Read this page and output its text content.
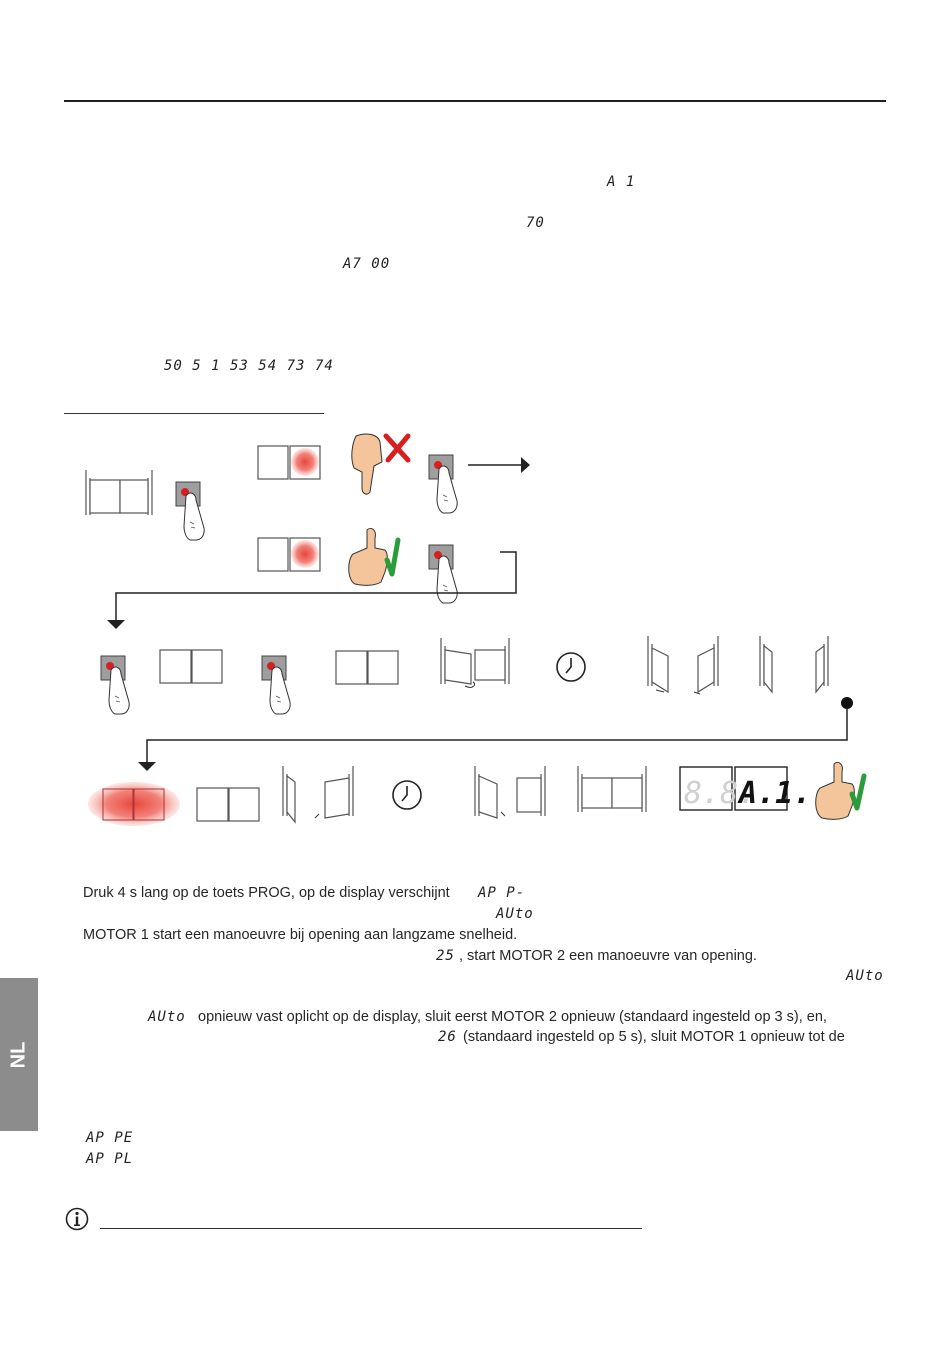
A 1
70
A7 00
50 5 1 53 54 73 74
8.8.
A.1.
Druk 4 s lang op de toets PROG, op de display verschijnt AP P-
AUto
MOTOR 1 start een manoeuvre bij opening aan langzame snelheid.
25 , start MOTOR 2 een manoeuvre van opening.
AUto
AUto opnieuw vast oplicht op de display, sluit eerst MOTOR 2 opnieuw (standaard ingesteld op 3 s), en,
26 (standaard ingesteld op 5 s), sluit MOTOR 1 opnieuw tot de
AP PE
AP PL
NL
